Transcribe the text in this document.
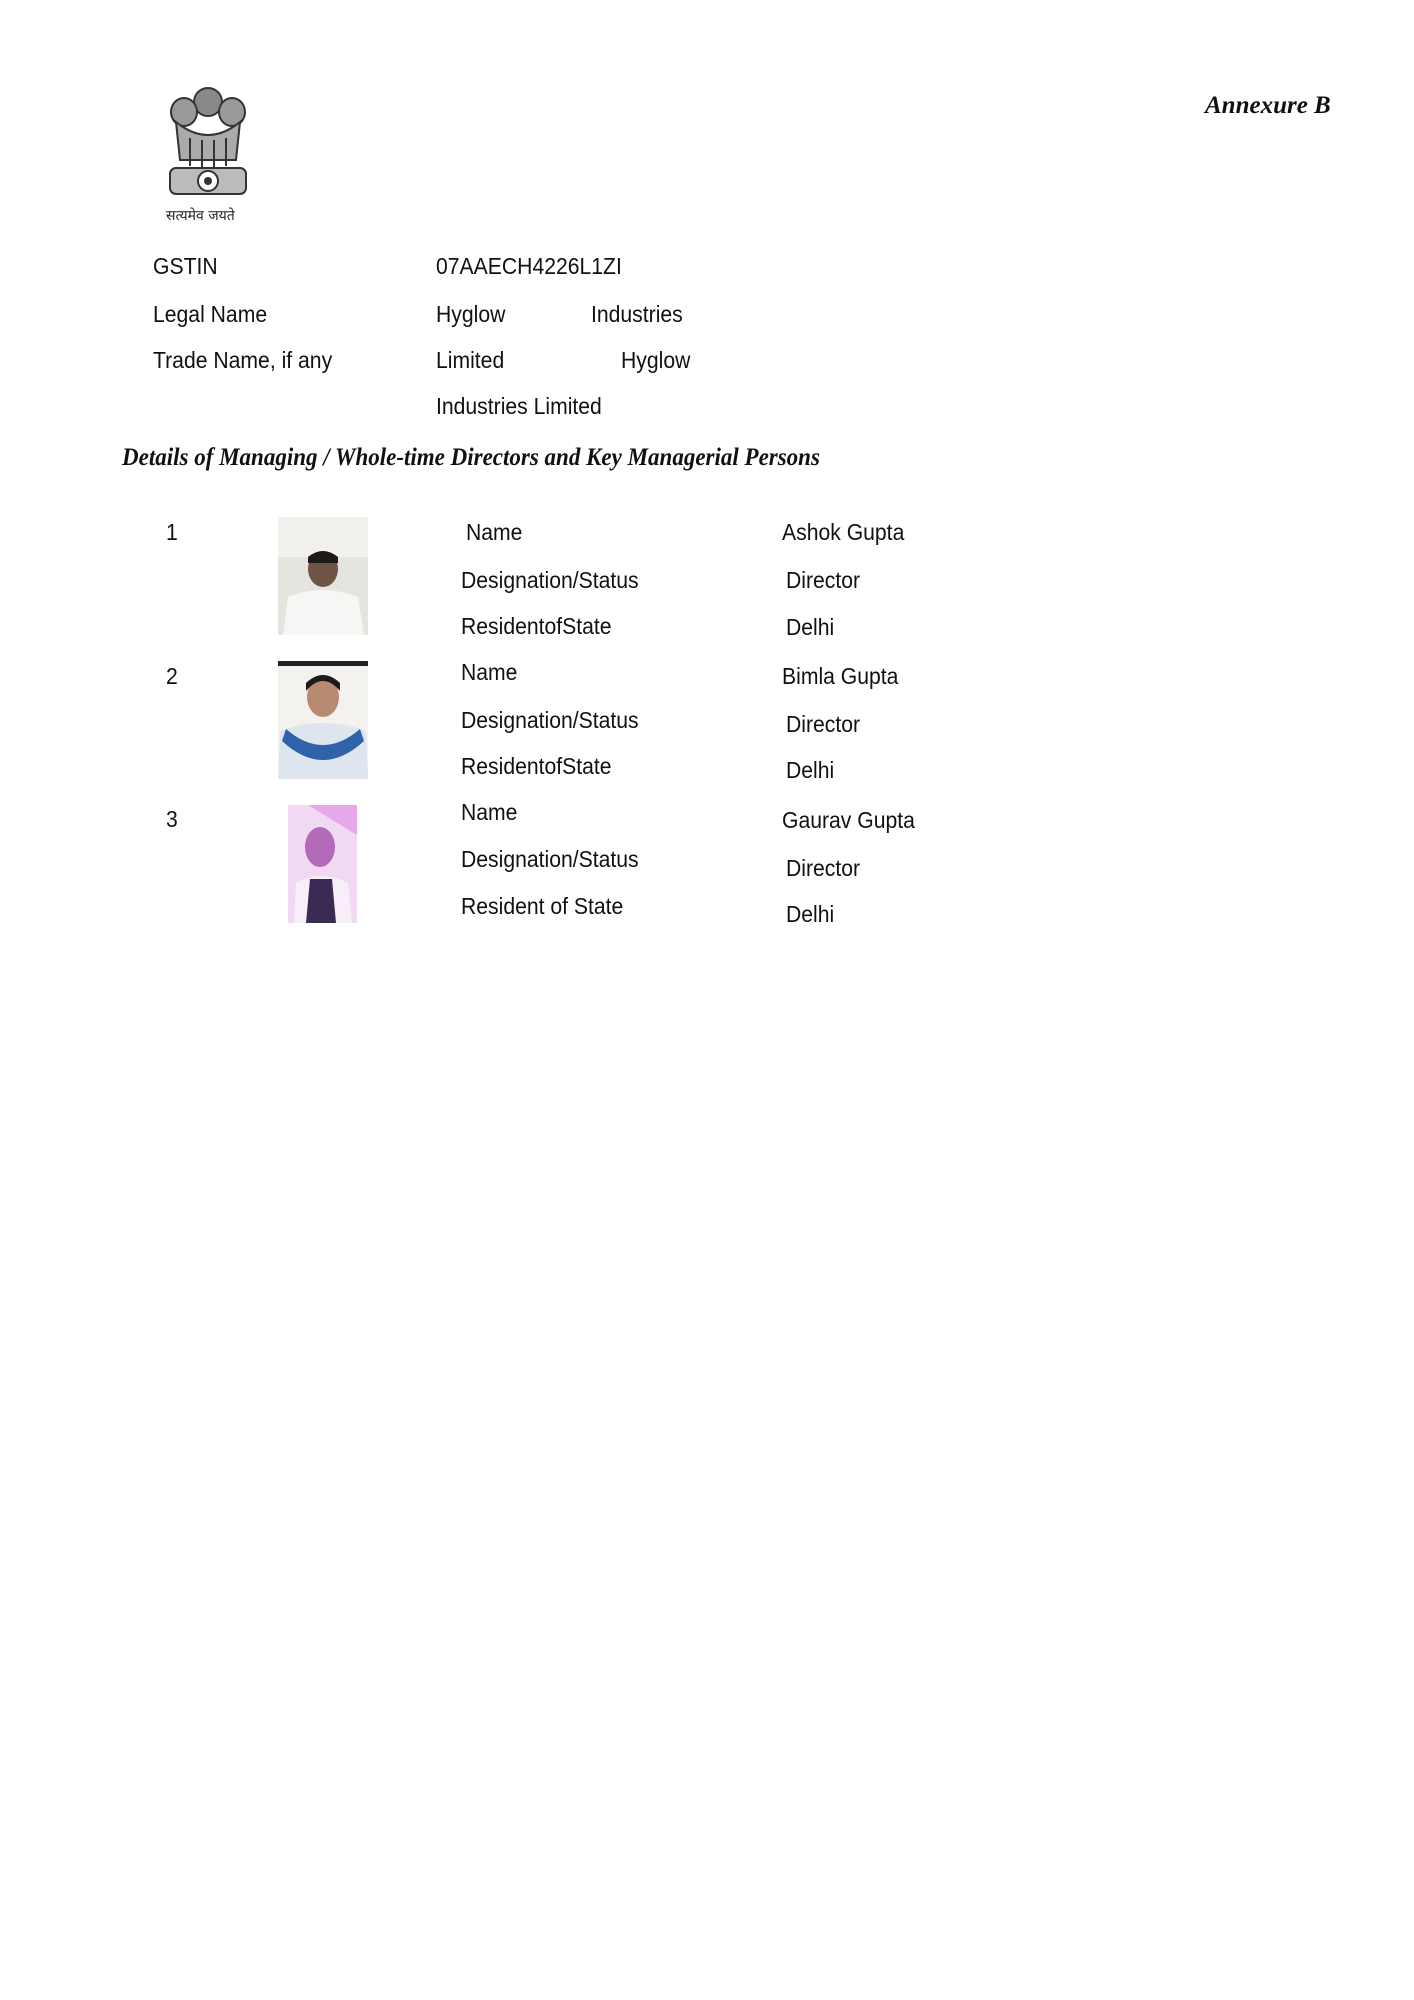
सत्यमेव जयते
Annexure B
GSTIN	07AAECH4226L1ZI
Legal Name	Hyglow	Industries
Trade Name, if any	Limited	Hyglow
Industries Limited
Details of Managing / Whole-time Directors and Key Managerial Persons
1	Name	Ashok Gupta
Designation/Status	Director
ResidentofState	Delhi
2	Name	Bimla Gupta
Designation/Status	Director
ResidentofState	Delhi
3	Name	Gaurav Gupta
Designation/Status	Director
Resident of State	Delhi
